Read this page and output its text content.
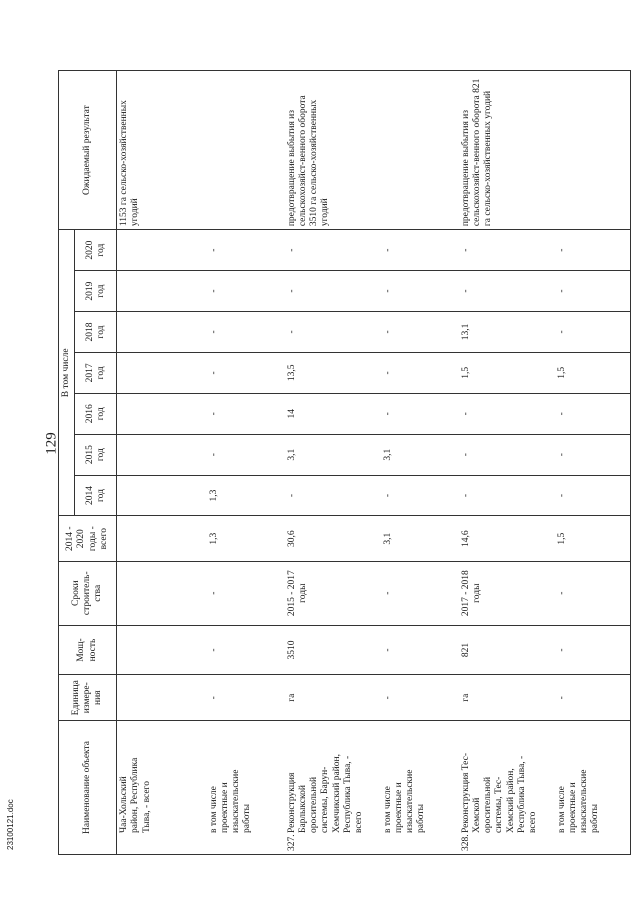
129
23100121.doc	Наименование объекта	Единица измере-ния	Мощ-ность	Сроки строитель-ства	2014 - 2020 годы - всего	В том числе							Ожидаемый результат
					2014 год	2015 год	2016 год	2017 год	2018 год	2019 год	2020 год	
Чаа-Хольский район, Республика Тыва, - всего												1153 га сельско-хозяйственных угодий
в том числе проектные и изыскательские работы	-	-	-	1,3	1,3	-	-	-	-	-	-	
327.Реконструкция Барлыкской оросительной системы, Барун-Хемчикский район, Республика Тыва, - всего	га	3510	2015 - 2017 годы	30,6	-	3,1	14	13,5	-	-	-	предотвращение выбытия из сельскохозяйст-венного оборота 3510 га сельско-хозяйственных угодий
в том числе проектные и изыскательские работы	-	-	-	3,1	-	3,1	-	-	-	-	-	
328.Реконструкция Тес-Хемской оросительной системы, Тес-Хемский район, Республика Тыва, - всего	га	821	2017 - 2018 годы	14,6	-	-	-	1,5	13,1	-	-	предотвращение выбытия из сельскохозяйст-венного оборота 821 га сельско-хозяйственных угодий
в том числе проектные и изыскательские работы	-	-	-	1,5	-	-	-	1,5	-	-	-	
